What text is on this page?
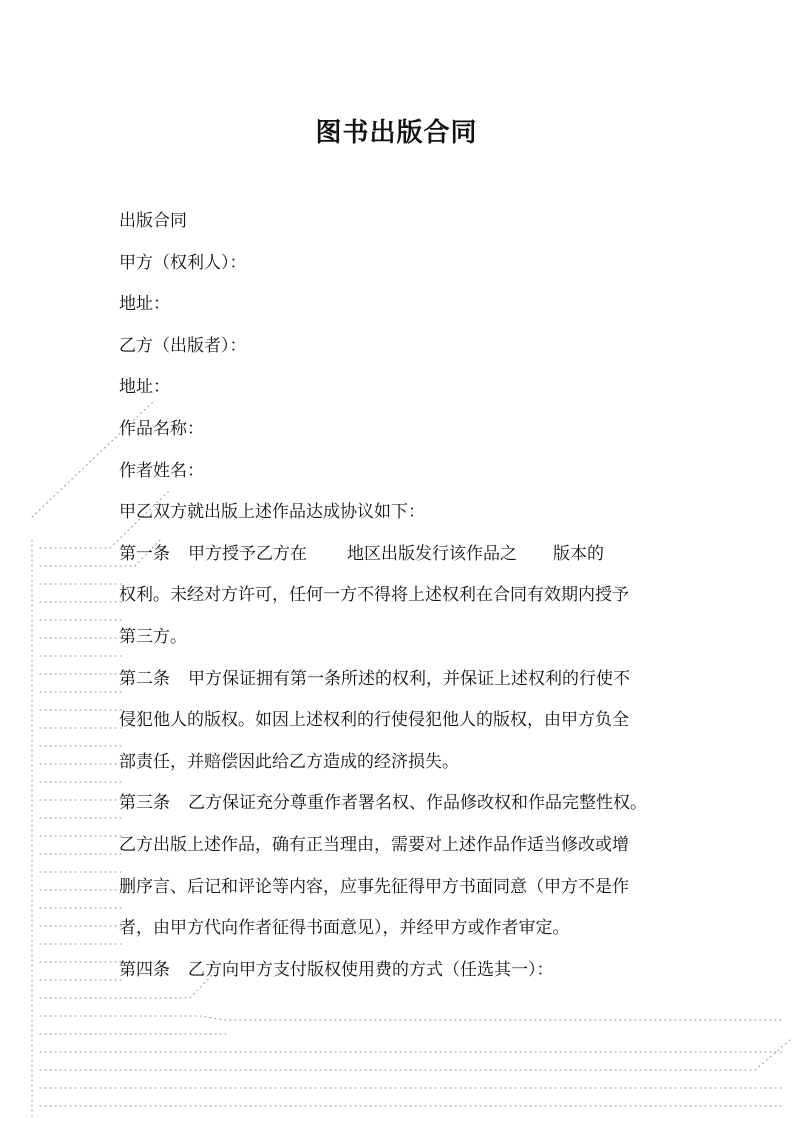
图书出版合同
出版合同
甲方（权利人）：
地址：
乙方（出版者）：
地址：
作品名称：
作者姓名：
甲乙双方就出版上述作品达成协议如下：
第一条 甲方授予乙方在 地区出版发行该作品之 版本的
权利。未经对方许可，任何一方不得将上述权利在合同有效期内授予
第三方。
第二条 甲方保证拥有第一条所述的权利，并保证上述权利的行使不
侵犯他人的版权。如因上述权利的行使侵犯他人的版权，由甲方负全
部责任，并赔偿因此给乙方造成的经济损失。
第三条 乙方保证充分尊重作者署名权、作品修改权和作品完整性权。
乙方出版上述作品，确有正当理由，需要对上述作品作适当修改或增
删序言、后记和评论等内容，应事先征得甲方书面同意（甲方不是作
者，由甲方代向作者征得书面意见），并经甲方或作者审定。
第四条 乙方向甲方支付版权使用费的方式（任选其一）：
